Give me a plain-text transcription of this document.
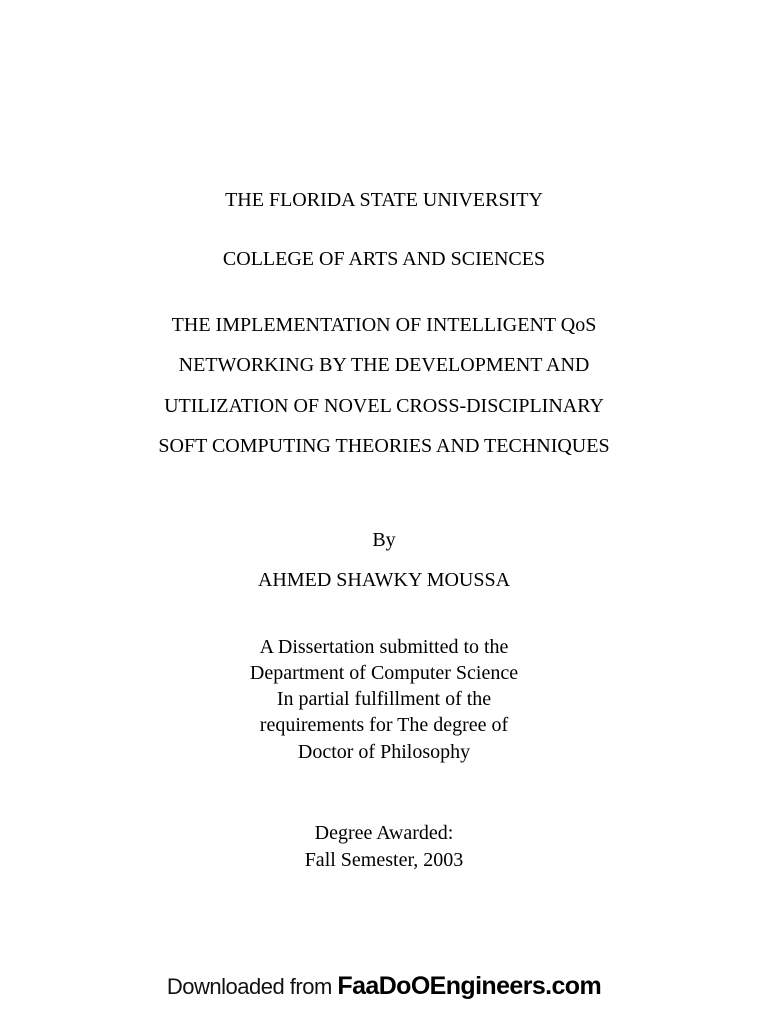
THE FLORIDA STATE UNIVERSITY
COLLEGE OF ARTS AND SCIENCES
THE IMPLEMENTATION OF INTELLIGENT QoS
NETWORKING BY THE DEVELOPMENT AND
UTILIZATION OF NOVEL CROSS-DISCIPLINARY
SOFT COMPUTING THEORIES AND TECHNIQUES
By
AHMED SHAWKY MOUSSA
A Dissertation submitted to the
Department of Computer Science
In partial fulfillment of the
requirements for The degree of
Doctor of Philosophy
Degree Awarded:
Fall Semester, 2003
Downloaded from FaaDoOEngineers.com
